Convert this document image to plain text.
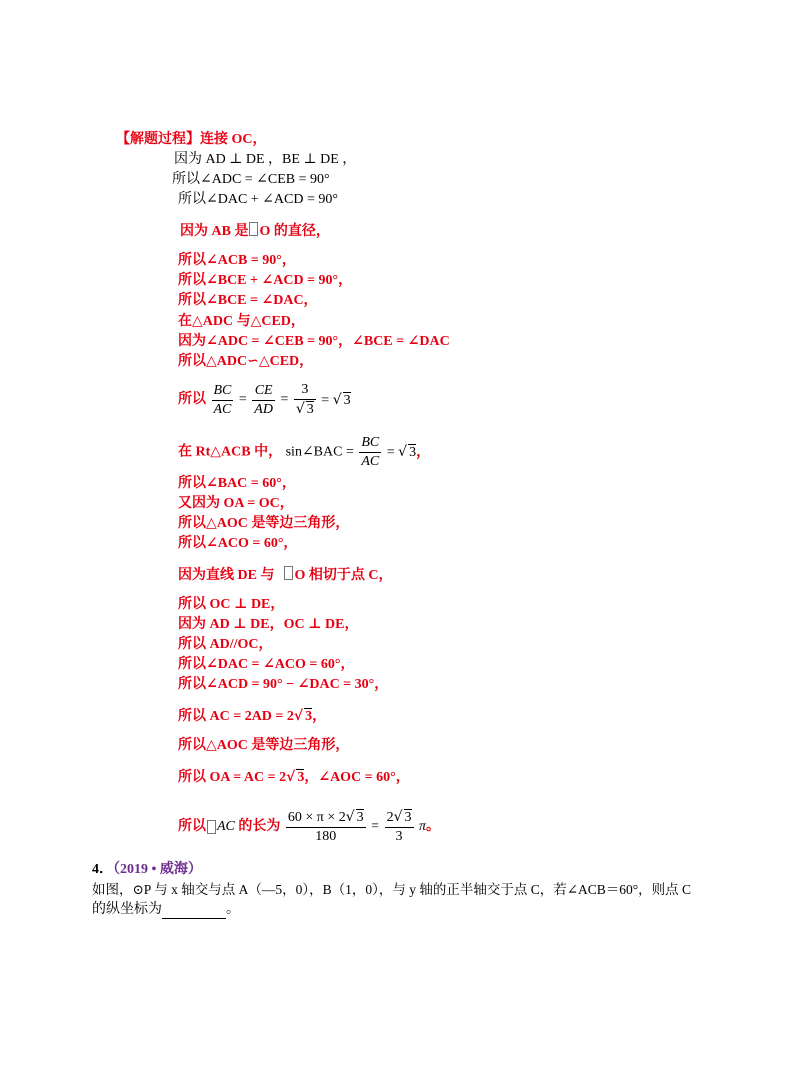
【解题过程】连接 OC，
因为 AD ⊥ DE ，BE ⊥ DE ，
所以∠ADC = ∠CEB = 90°
所以∠DAC + ∠ACD = 90°
因为 AB 是 O 的直径，
所以∠ACB = 90°，
所以∠BCE + ∠ACD = 90°，
所以∠BCE = ∠DAC，
在△ADC 与△CED，
因为∠ADC = ∠CEB = 90°，∠BCE = ∠DAC
所以△ADC∽△CED，
所以 $\frac{BC}{AC} = \frac{CE}{AD} = \frac{3}{√ 3}$ = √ 3
在 Rt△ACB 中， sin∠BAC = $\frac{BC}{AC}$ = √ 3，
所以∠BAC = 60°，
又因为 OA = OC，
所以△AOC 是等边三角形，
所以∠ACO = 60°，
因为直线 DE 与 O 相切于点 C，
所以 OC ⊥ DE，
因为 AD ⊥ DE，OC ⊥ DE，
所以 AD//OC，
所以∠DAC = ∠ACO = 60°，
所以∠ACD = 90° − ∠DAC = 30°，
所以 AC = 2AD = 2√ 3，
所以△AOC 是等边三角形，
所以 OA = AC = 2√ 3，∠AOC = 60°，
所以 AC 的长为 $\frac{60 \times \pi \times 2√ 3}{180} = \frac{2√ 3}{3}$ π。
4．（2019 • 威海）
如图，⊙P 与 x 轴交与点 A（—5，0），B（1，0），与 y 轴的正半轴交于点 C，若∠ACB＝60°，则点 C
的纵坐标为	。
